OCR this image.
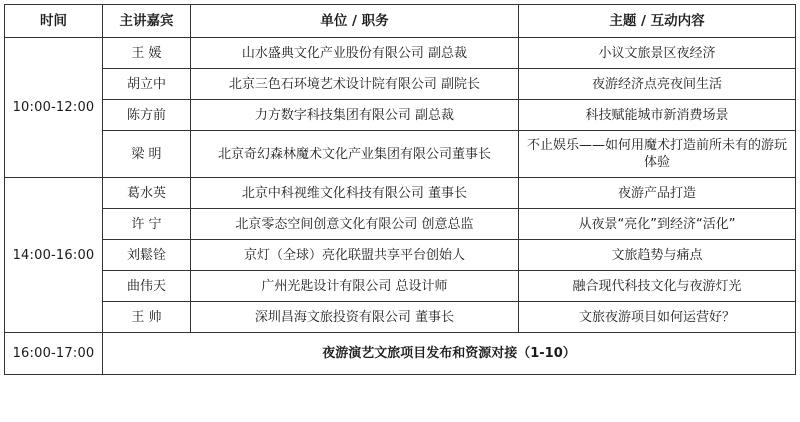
时间	主讲嘉宾	单位 / 职务	主题 / 互动内容
10:00-12:00	王 媛	山水盛典文化产业股份有限公司 副总裁	小议文旅景区夜经济
	胡立中	北京三色石环境艺术设计院有限公司 副院长	夜游经济点亮夜间生活
	陈方前	力方数字科技集团有限公司 副总裁	科技赋能城市新消费场景
	梁 明	北京奇幻森林魔术文化产业集团有限公司董事长	不止娱乐——如何用魔术打造前所未有的游玩体验
14:00-16:00	葛水英	北京中科视维文化科技有限公司 董事长	夜游产品打造
	许 宁	北京零态空间创意文化有限公司 创意总监	从夜景“亮化”到经济“活化”
	刘鬆铨	京灯（全球）亮化联盟共享平台创始人	文旅趋势与痛点
	曲伟天	广州光匙设计有限公司 总设计师	融合现代科技文化与夜游灯光
	王 帅	深圳昌海文旅投资有限公司 董事长	文旅夜游项目如何运营好？
16:00-17:00	夜游演艺文旅项目发布和资源对接（1-10）		
